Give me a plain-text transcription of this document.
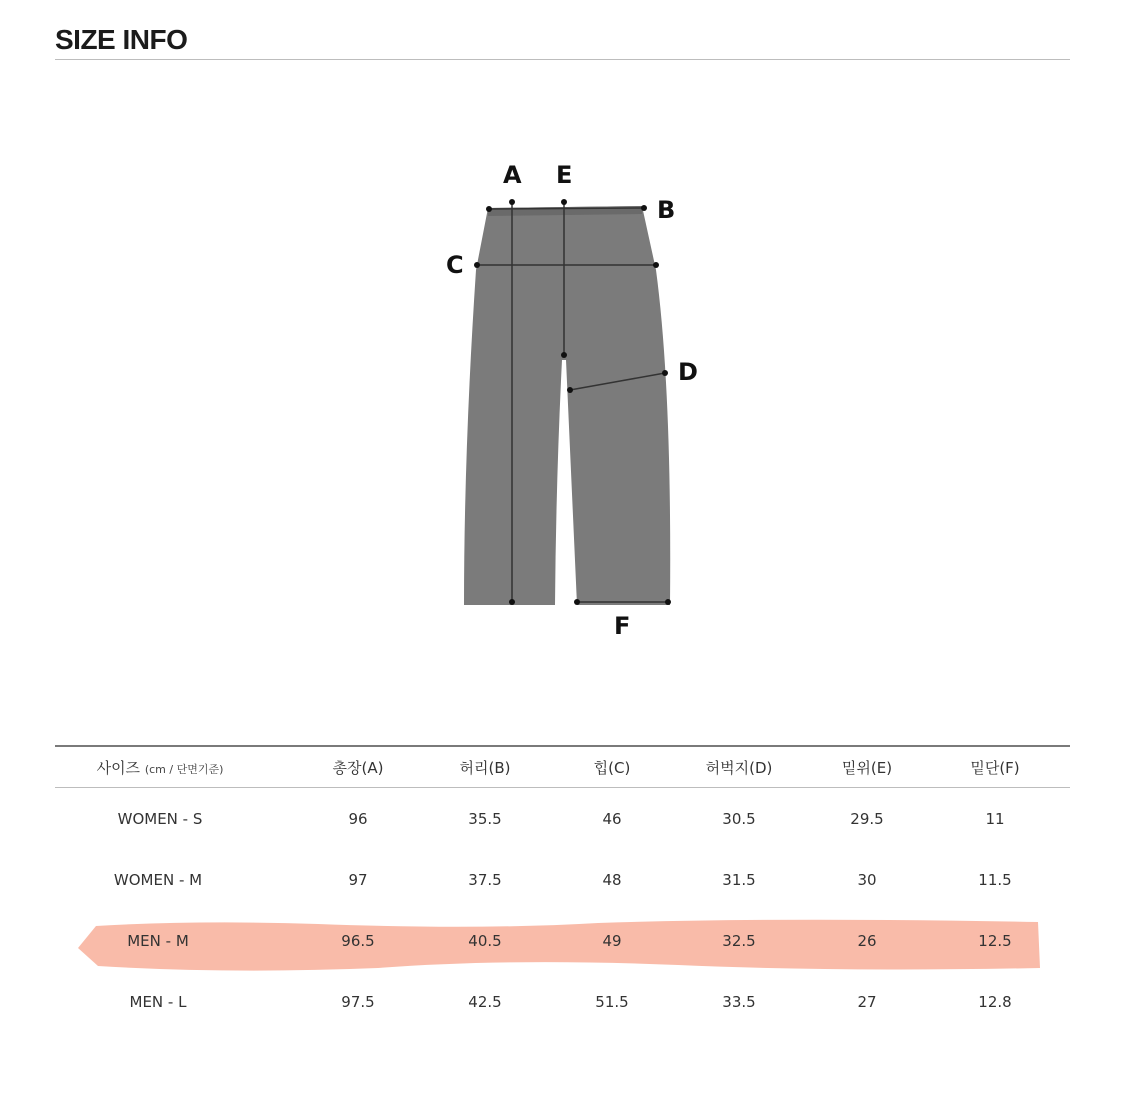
SIZE INFO
A E
B
C
D
F
사이즈 (cm / 단면기준)	총장(A)	허리(B)	힙(C)	허벅지(D)	밑위(E)	밑단(F)
WOMEN - S	96	35.5	46	30.5	29.5	11
WOMEN - M	97	37.5	48	31.5	30	11.5
MEN - M	96.5	40.5	49	32.5	26	12.5
MEN - L	97.5	42.5	51.5	33.5	27	12.8
